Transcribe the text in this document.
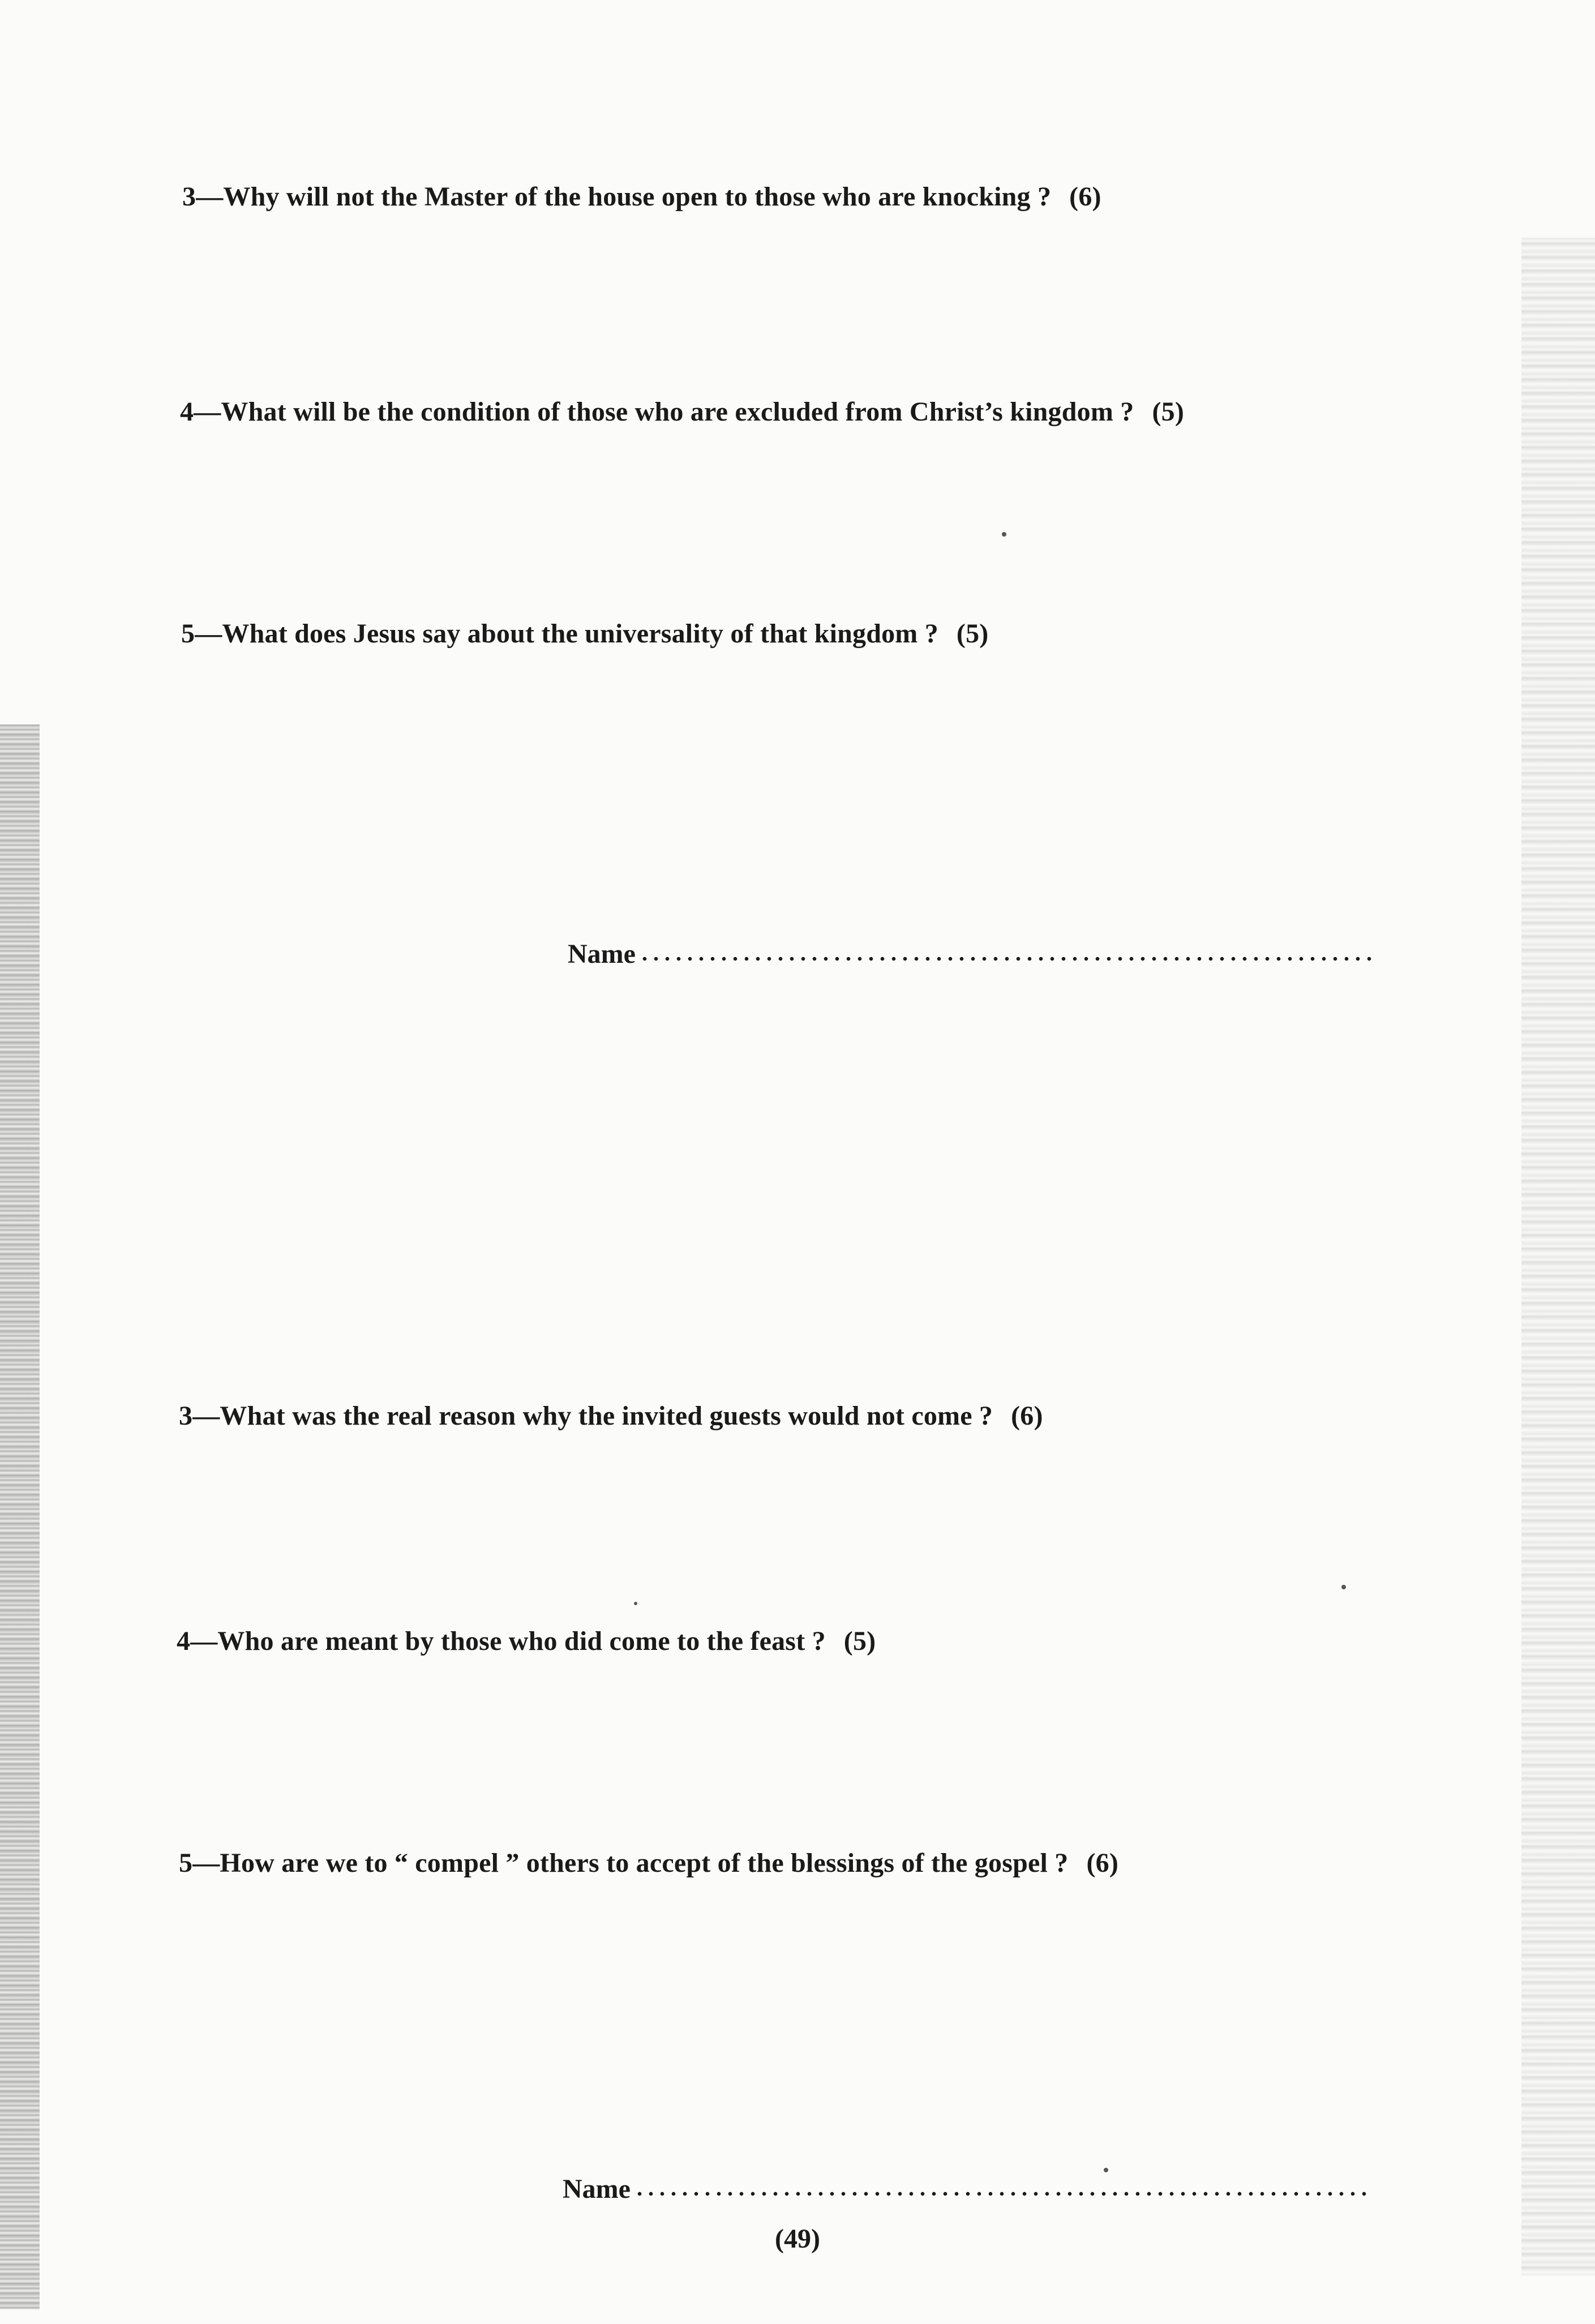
3—Why will not the Master of the house open to those who are knocking ? (6)
4—What will be the condition of those who are excluded from Christ’s kingdom ? (5)
5—What does Jesus say about the universality of that kingdom ? (5)
Name
3—What was the real reason why the invited guests would not come ? (6)
4—Who are meant by those who did come to the feast ? (5)
5—How are we to “ compel ” others to accept of the blessings of the gospel ? (6)
Name
(49)
